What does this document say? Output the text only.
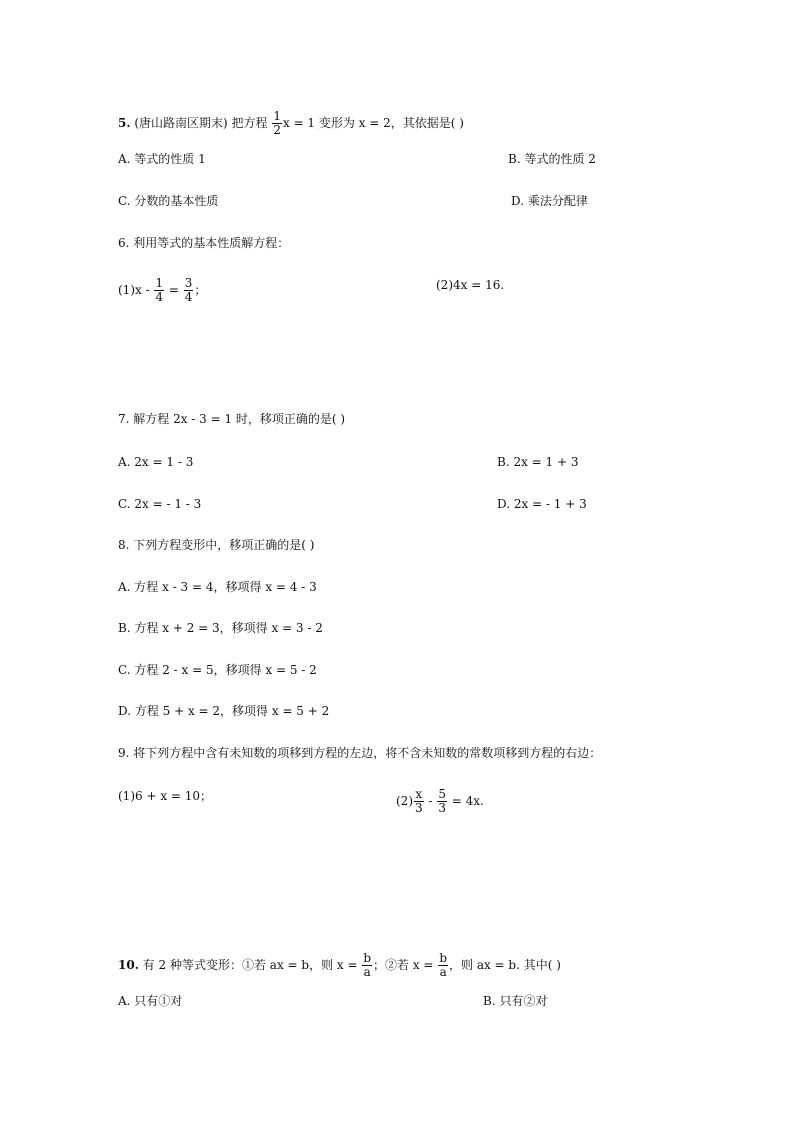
5. (唐山路南区期末) 把方程 $\frac{1}{2}$ x = 1 变形为 x = 2，其依据是( )
A. 等式的性质 1	B. 等式的性质 2
C. 分数的基本性质	D. 乘法分配律
6. 利用等式的基本性质解方程：
$(1)x - \frac{1}{4} = \frac{3}{4}$ ；	(2)4x = 16.
7. 解方程 2x - 3 = 1 时，移项正确的是( )
A. 2x = 1 - 3	B. 2x = 1 + 3
C. 2x = - 1 - 3	D. 2x = - 1 + 3
8. 下列方程变形中，移项正确的是( )
A. 方程 x - 3 = 4，移项得 x = 4 - 3
B. 方程 x + 2 = 3，移项得 x = 3 - 2
C. 方程 2 - x = 5，移项得 x = 5 - 2
D. 方程 5 + x = 2，移项得 x = 5 + 2
9. 将下列方程中含有未知数的项移到方程的左边，将不含未知数的常数项移到方程的右边：
(1)6 + x = 10；	$(2) \frac{x}{3} - \frac{5}{3} = 4x$.
10. 有 2 种等式变形：①若 ax = b，则 $x = \frac{b}{a}$ ；②若 $x = \frac{b}{a}$ ，则 ax = b. 其中( )
A. 只有①对	B. 只有②对
